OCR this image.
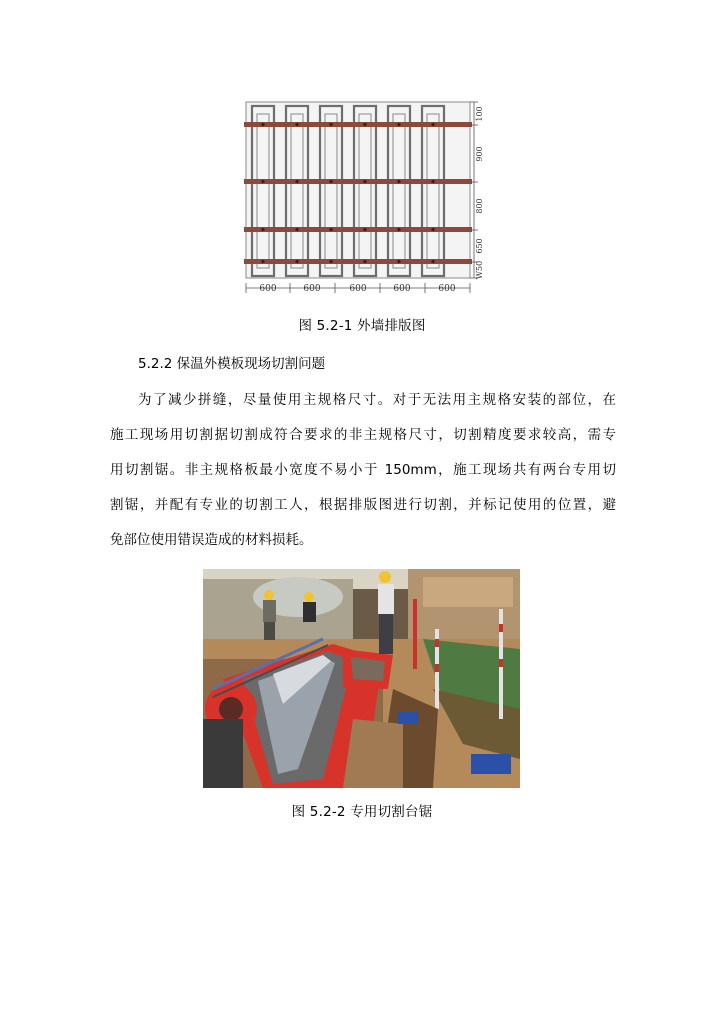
600	600	600	600	600
100
900
800
650
W50
图 5.2-1 外墙排版图
5.2.2 保温外模板现场切割问题
为了减少拼缝，尽量使用主规格尺寸。对于无法用主规格安装的部位，在
施工现场用切割据切割成符合要求的非主规格尺寸，切割精度要求较高，需专
用切割锯。非主规格板最小宽度不易小于 150mm，施工现场共有两台专用切
割锯，并配有专业的切割工人，根据排版图进行切割，并标记使用的位置，避
免部位使用错误造成的材料损耗。
图 5.2-2 专用切割台锯
